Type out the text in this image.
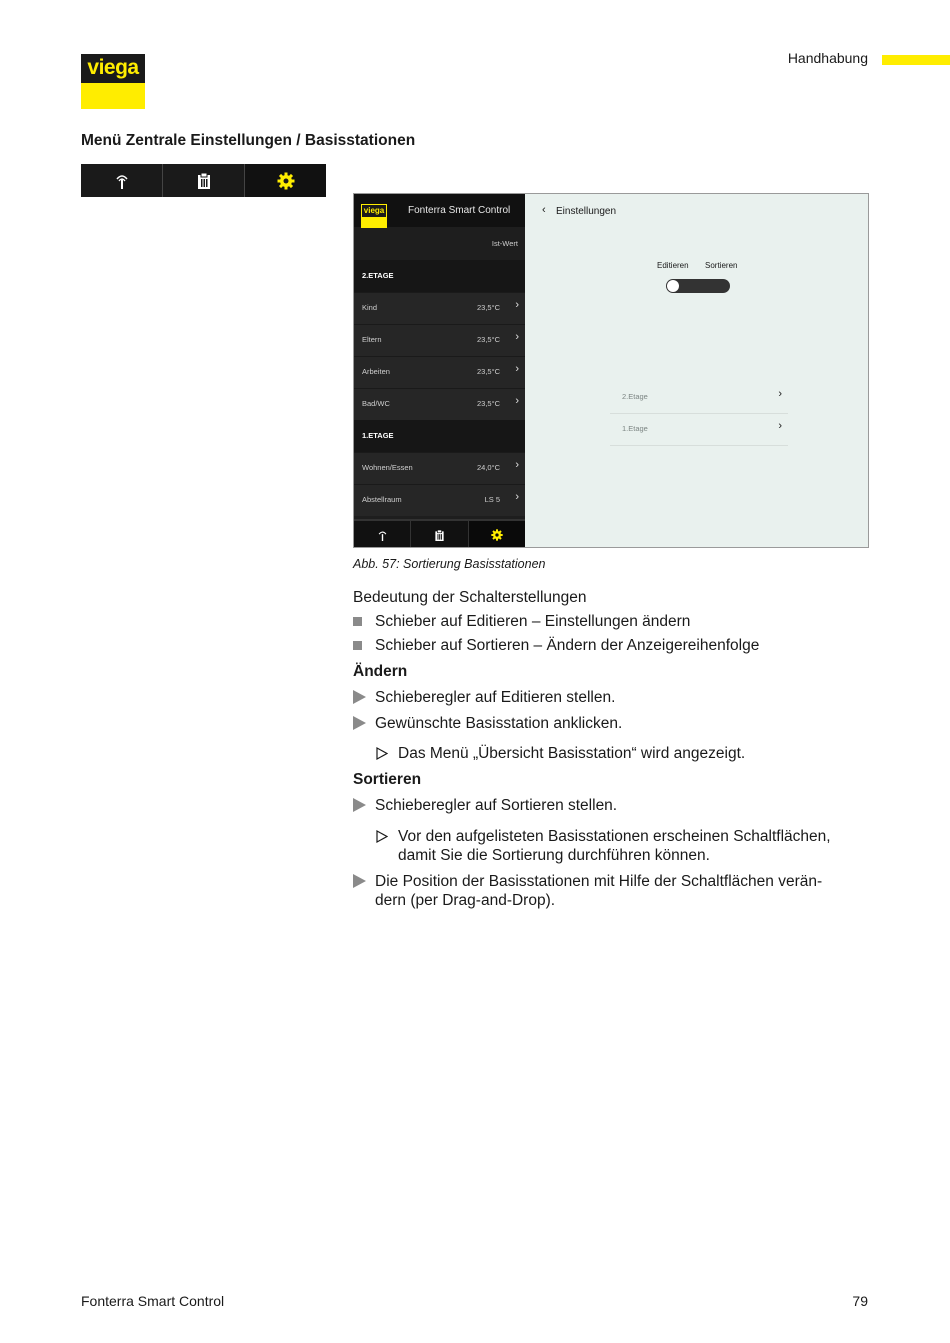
viega	Handhabung
Menü Zentrale Einstellungen / Basisstationen
viega Fonterra Smart Control
Ist-Wert
2.ETAGE
Kind	23,5°C ›
Eltern	23,5°C ›
Arbeiten	23,5°C ›
Bad/WC	23,5°C ›
1.ETAGE
Wohnen/Essen	24,0°C ›
Abstellraum	LS 5 ›
‹ Einstellungen
Editieren Sortieren
2.Etage	›
1.Etage	›
Abb. 57: Sortierung Basisstationen
Bedeutung der Schalterstellungen
Schieber auf Editieren – Einstellungen ändern
Schieber auf Sortieren – Ändern der Anzeigereihenfolge
Ändern
Schieberegler auf Editieren stellen.
Gewünschte Basisstation anklicken.
Das Menü „Übersicht Basisstation“ wird angezeigt.
Sortieren
Schieberegler auf Sortieren stellen.
Vor den aufgelisteten Basisstationen erscheinen Schaltflächen,
damit Sie die Sortierung durchführen können.
Die Position der Basisstationen mit Hilfe der Schaltflächen verän-
dern (per Drag-and-Drop).
Fonterra Smart Control	79
